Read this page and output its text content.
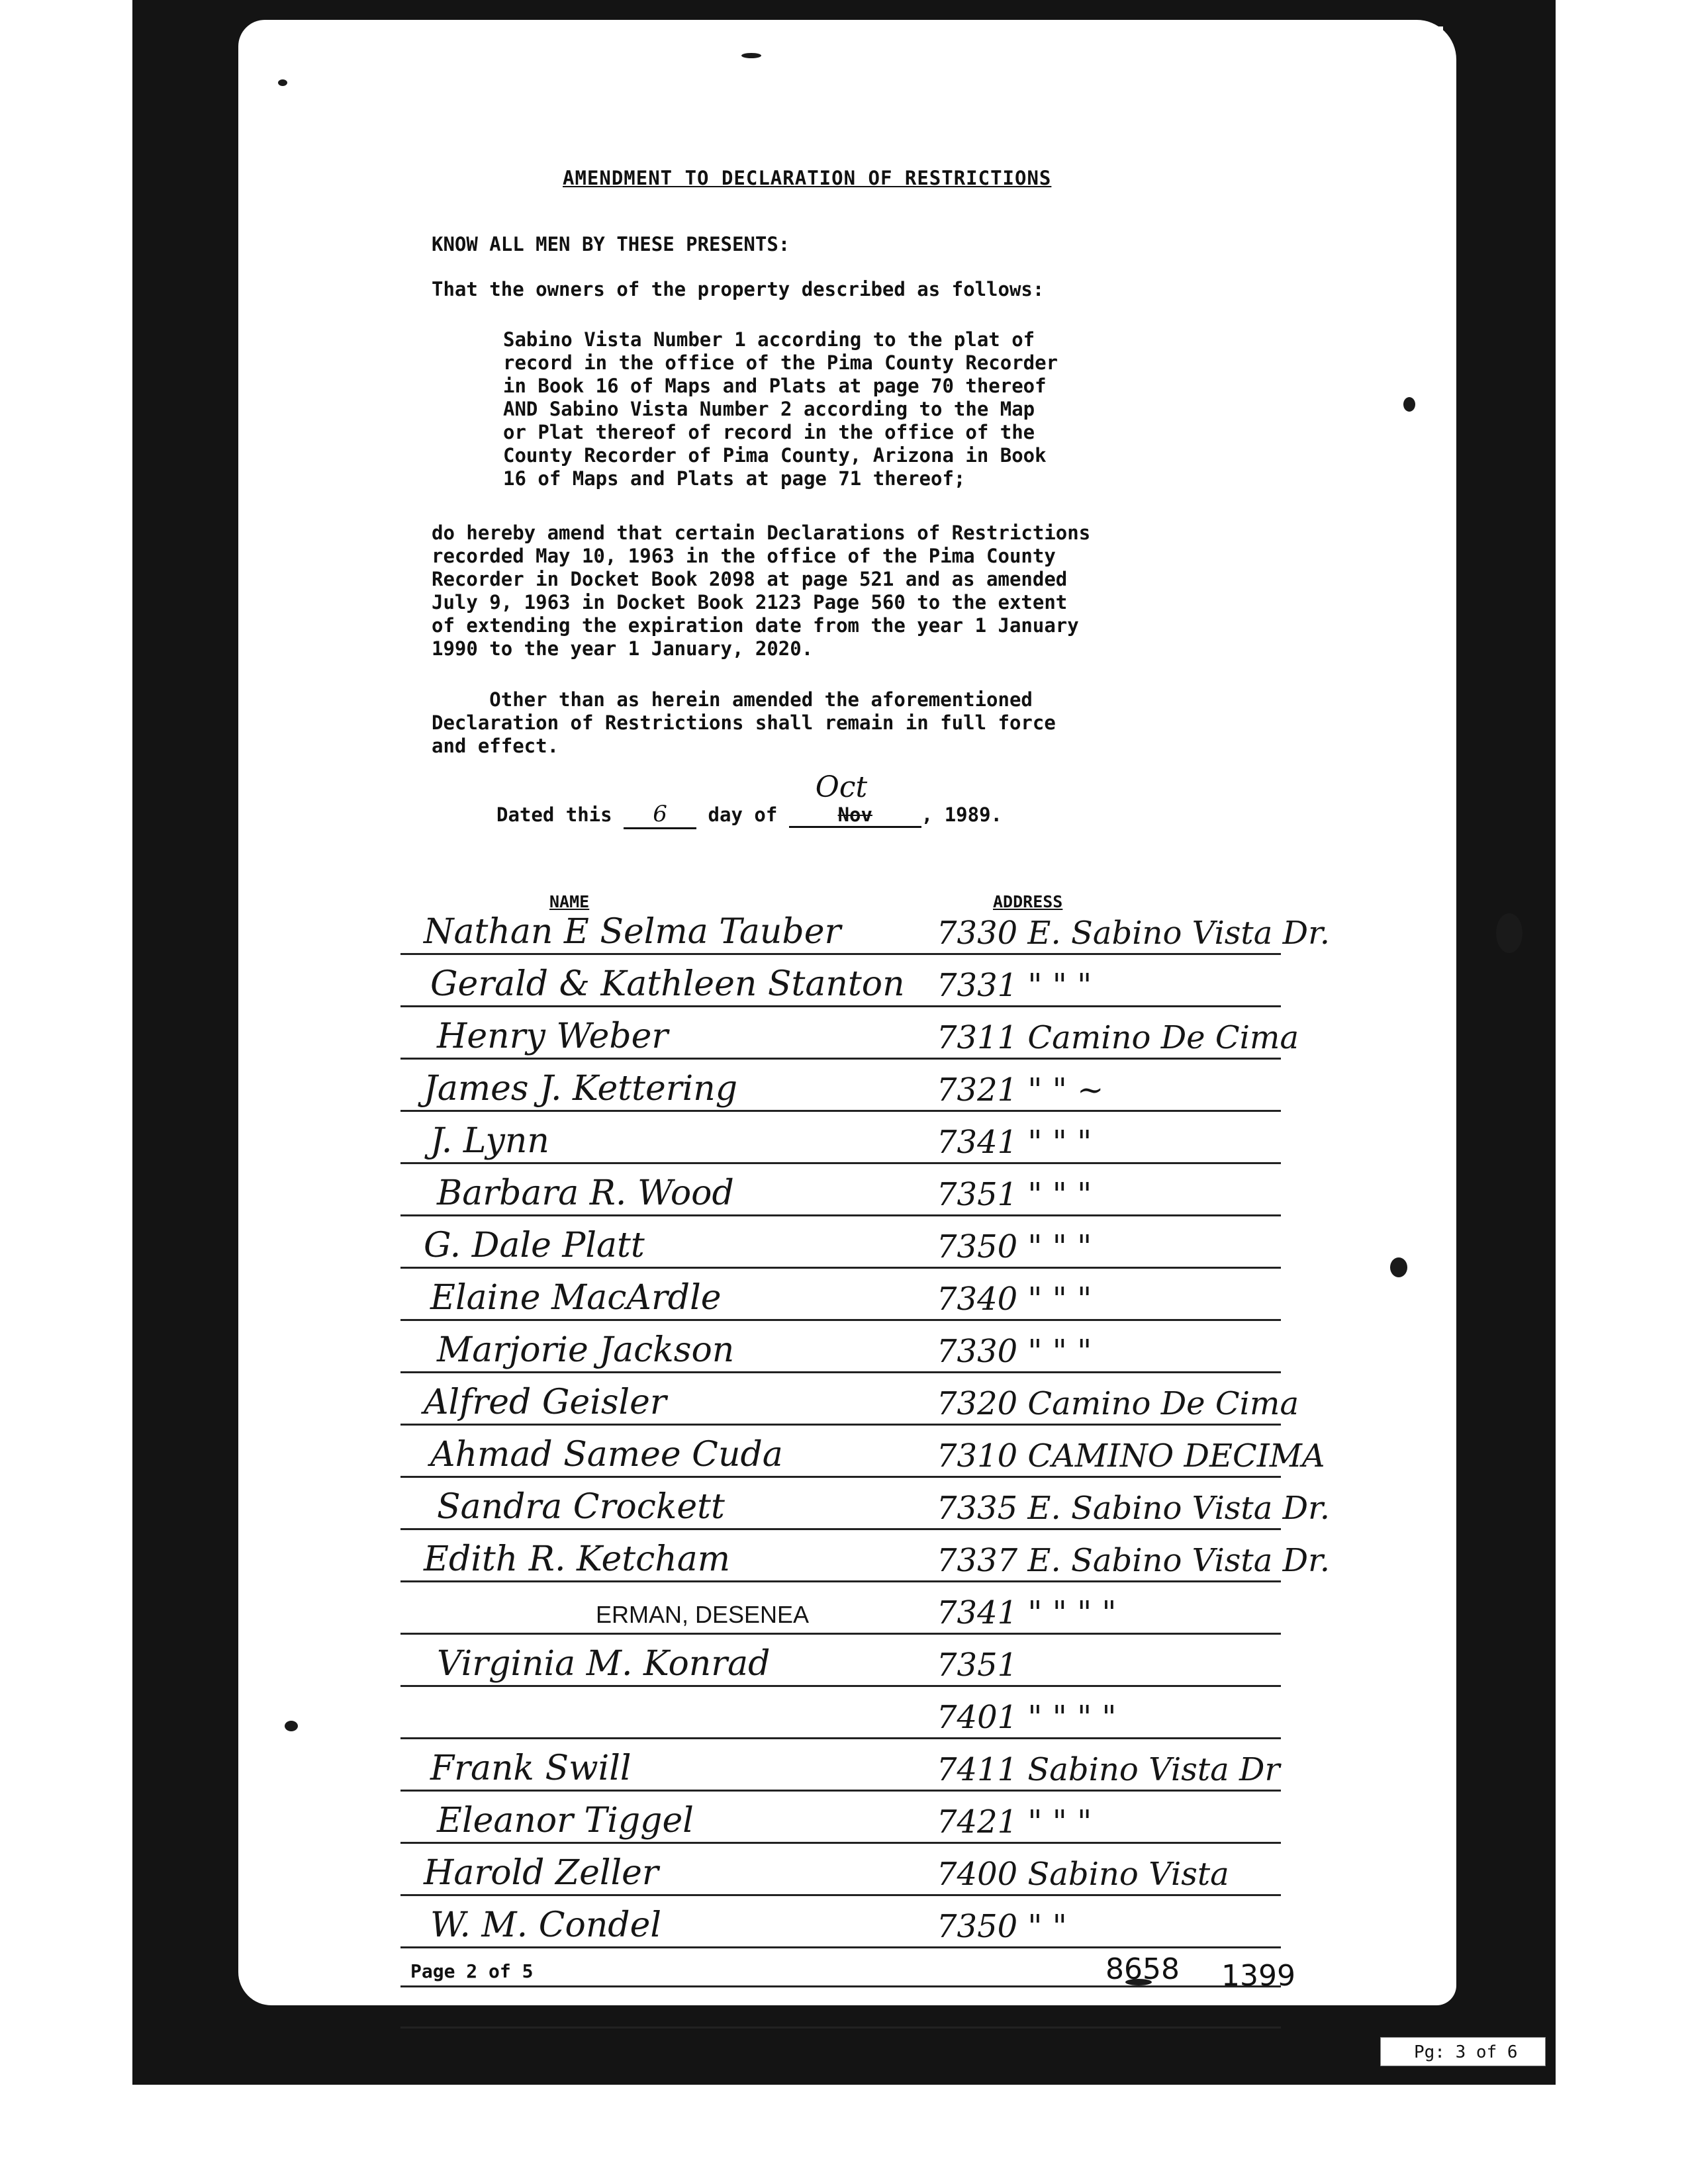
AMENDMENT TO DECLARATION OF RESTRICTIONS
KNOW ALL MEN BY THESE PRESENTS:
That the owners of the property described as follows:
Sabino Vista Number 1 according to the plat of
record in the office of the Pima County Recorder
in Book 16 of Maps and Plats at page 70 thereof
AND Sabino Vista Number 2 according to the Map
or Plat thereof of record in the office of the
County Recorder of Pima County, Arizona in Book
16 of Maps and Plats at page 71 thereof;
do hereby amend that certain Declarations of Restrictions
recorded May 10, 1963 in the office of the Pima County
Recorder in Docket Book 2098 at page 521 and as amended
July 9, 1963 in Docket Book 2123 Page 560 to the extent
of extending the expiration date from the year 1 January
1990 to the year 1 January, 2020.
Other than as herein amended the aforementioned
Declaration of Restrictions shall remain in full force
and effect.
Dated this 6 day of	Nov
Oct
, 1989.
NAME	ADDRESS
Nathan E Selma Tauber	7330 E. Sabino Vista Dr.
Gerald & Kathleen Stanton 7331 " " "
Henry Weber	7311 Camino De Cima
James J. Kettering	7321 " " ~
J. Lynn	7341 " " "
Barbara R. Wood	7351 " " "
G. Dale Platt	7350 " " "
Elaine MacArdle	7340 " " "
Marjorie Jackson	7330 " " "
Alfred Geisler	7320 Camino De Cima
Ahmad Samee Cuda	7310 CAMINO DECIMA
Sandra Crockett	7335 E. Sabino Vista Dr.
Edith R. Ketcham	7337 E. Sabino Vista Dr.
ERMAN, DESENEA	7341 " " " "
Virginia M. Konrad	7351
7401 " " " "
Frank Swill	7411 Sabino Vista Dr
Eleanor Tiggel	7421 " " "
Harold Zeller	7400 Sabino Vista
W. M. Condel	7350 " "
Page 2 of 5	8658 1399
Pg: 3 of 6
